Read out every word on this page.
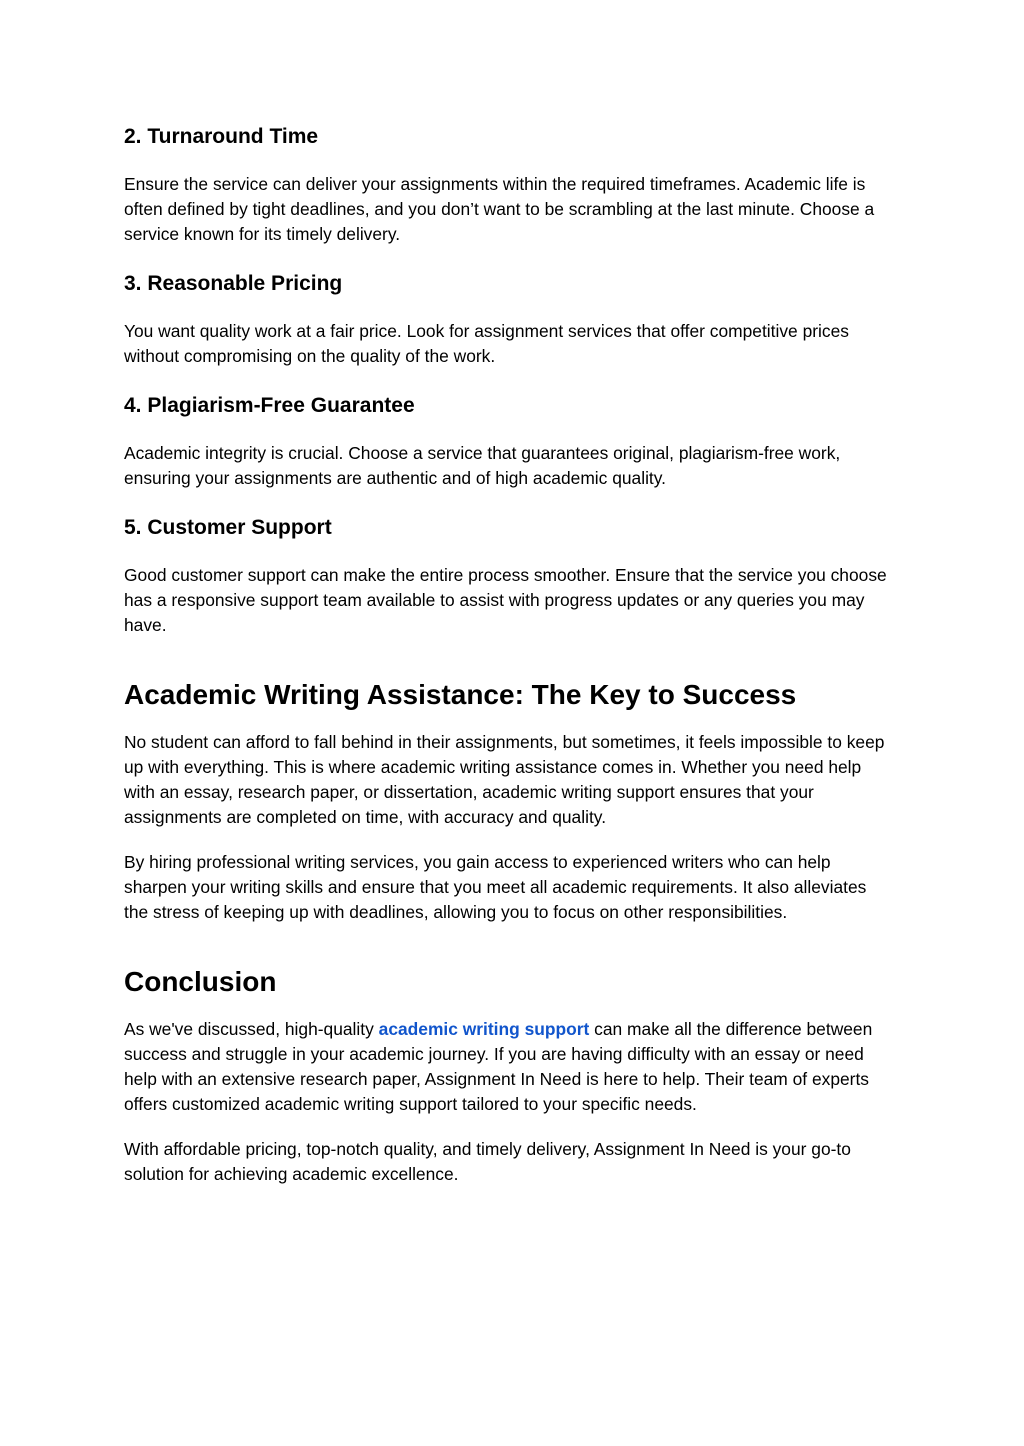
2. Turnaround Time

Ensure the service can deliver your assignments within the required timeframes. Academic life is often defined by tight deadlines, and you don’t want to be scrambling at the last minute. Choose a service known for its timely delivery.

3. Reasonable Pricing

You want quality work at a fair price. Look for assignment services that offer competitive prices without compromising on the quality of the work.

4. Plagiarism-Free Guarantee

Academic integrity is crucial. Choose a service that guarantees original, plagiarism-free work, ensuring your assignments are authentic and of high academic quality.

5. Customer Support

Good customer support can make the entire process smoother. Ensure that the service you choose has a responsive support team available to assist with progress updates or any queries you may have.

Academic Writing Assistance: The Key to Success

No student can afford to fall behind in their assignments, but sometimes, it feels impossible to keep up with everything. This is where academic writing assistance comes in. Whether you need help with an essay, research paper, or dissertation, academic writing support ensures that your assignments are completed on time, with accuracy and quality.

By hiring professional writing services, you gain access to experienced writers who can help sharpen your writing skills and ensure that you meet all academic requirements. It also alleviates the stress of keeping up with deadlines, allowing you to focus on other responsibilities.

Conclusion

As we've discussed, high-quality academic writing support can make all the difference between success and struggle in your academic journey. If you are having difficulty with an essay or need help with an extensive research paper, Assignment In Need is here to help. Their team of experts offers customized academic writing support tailored to your specific needs.

With affordable pricing, top-notch quality, and timely delivery, Assignment In Need is your go-to solution for achieving academic excellence.
